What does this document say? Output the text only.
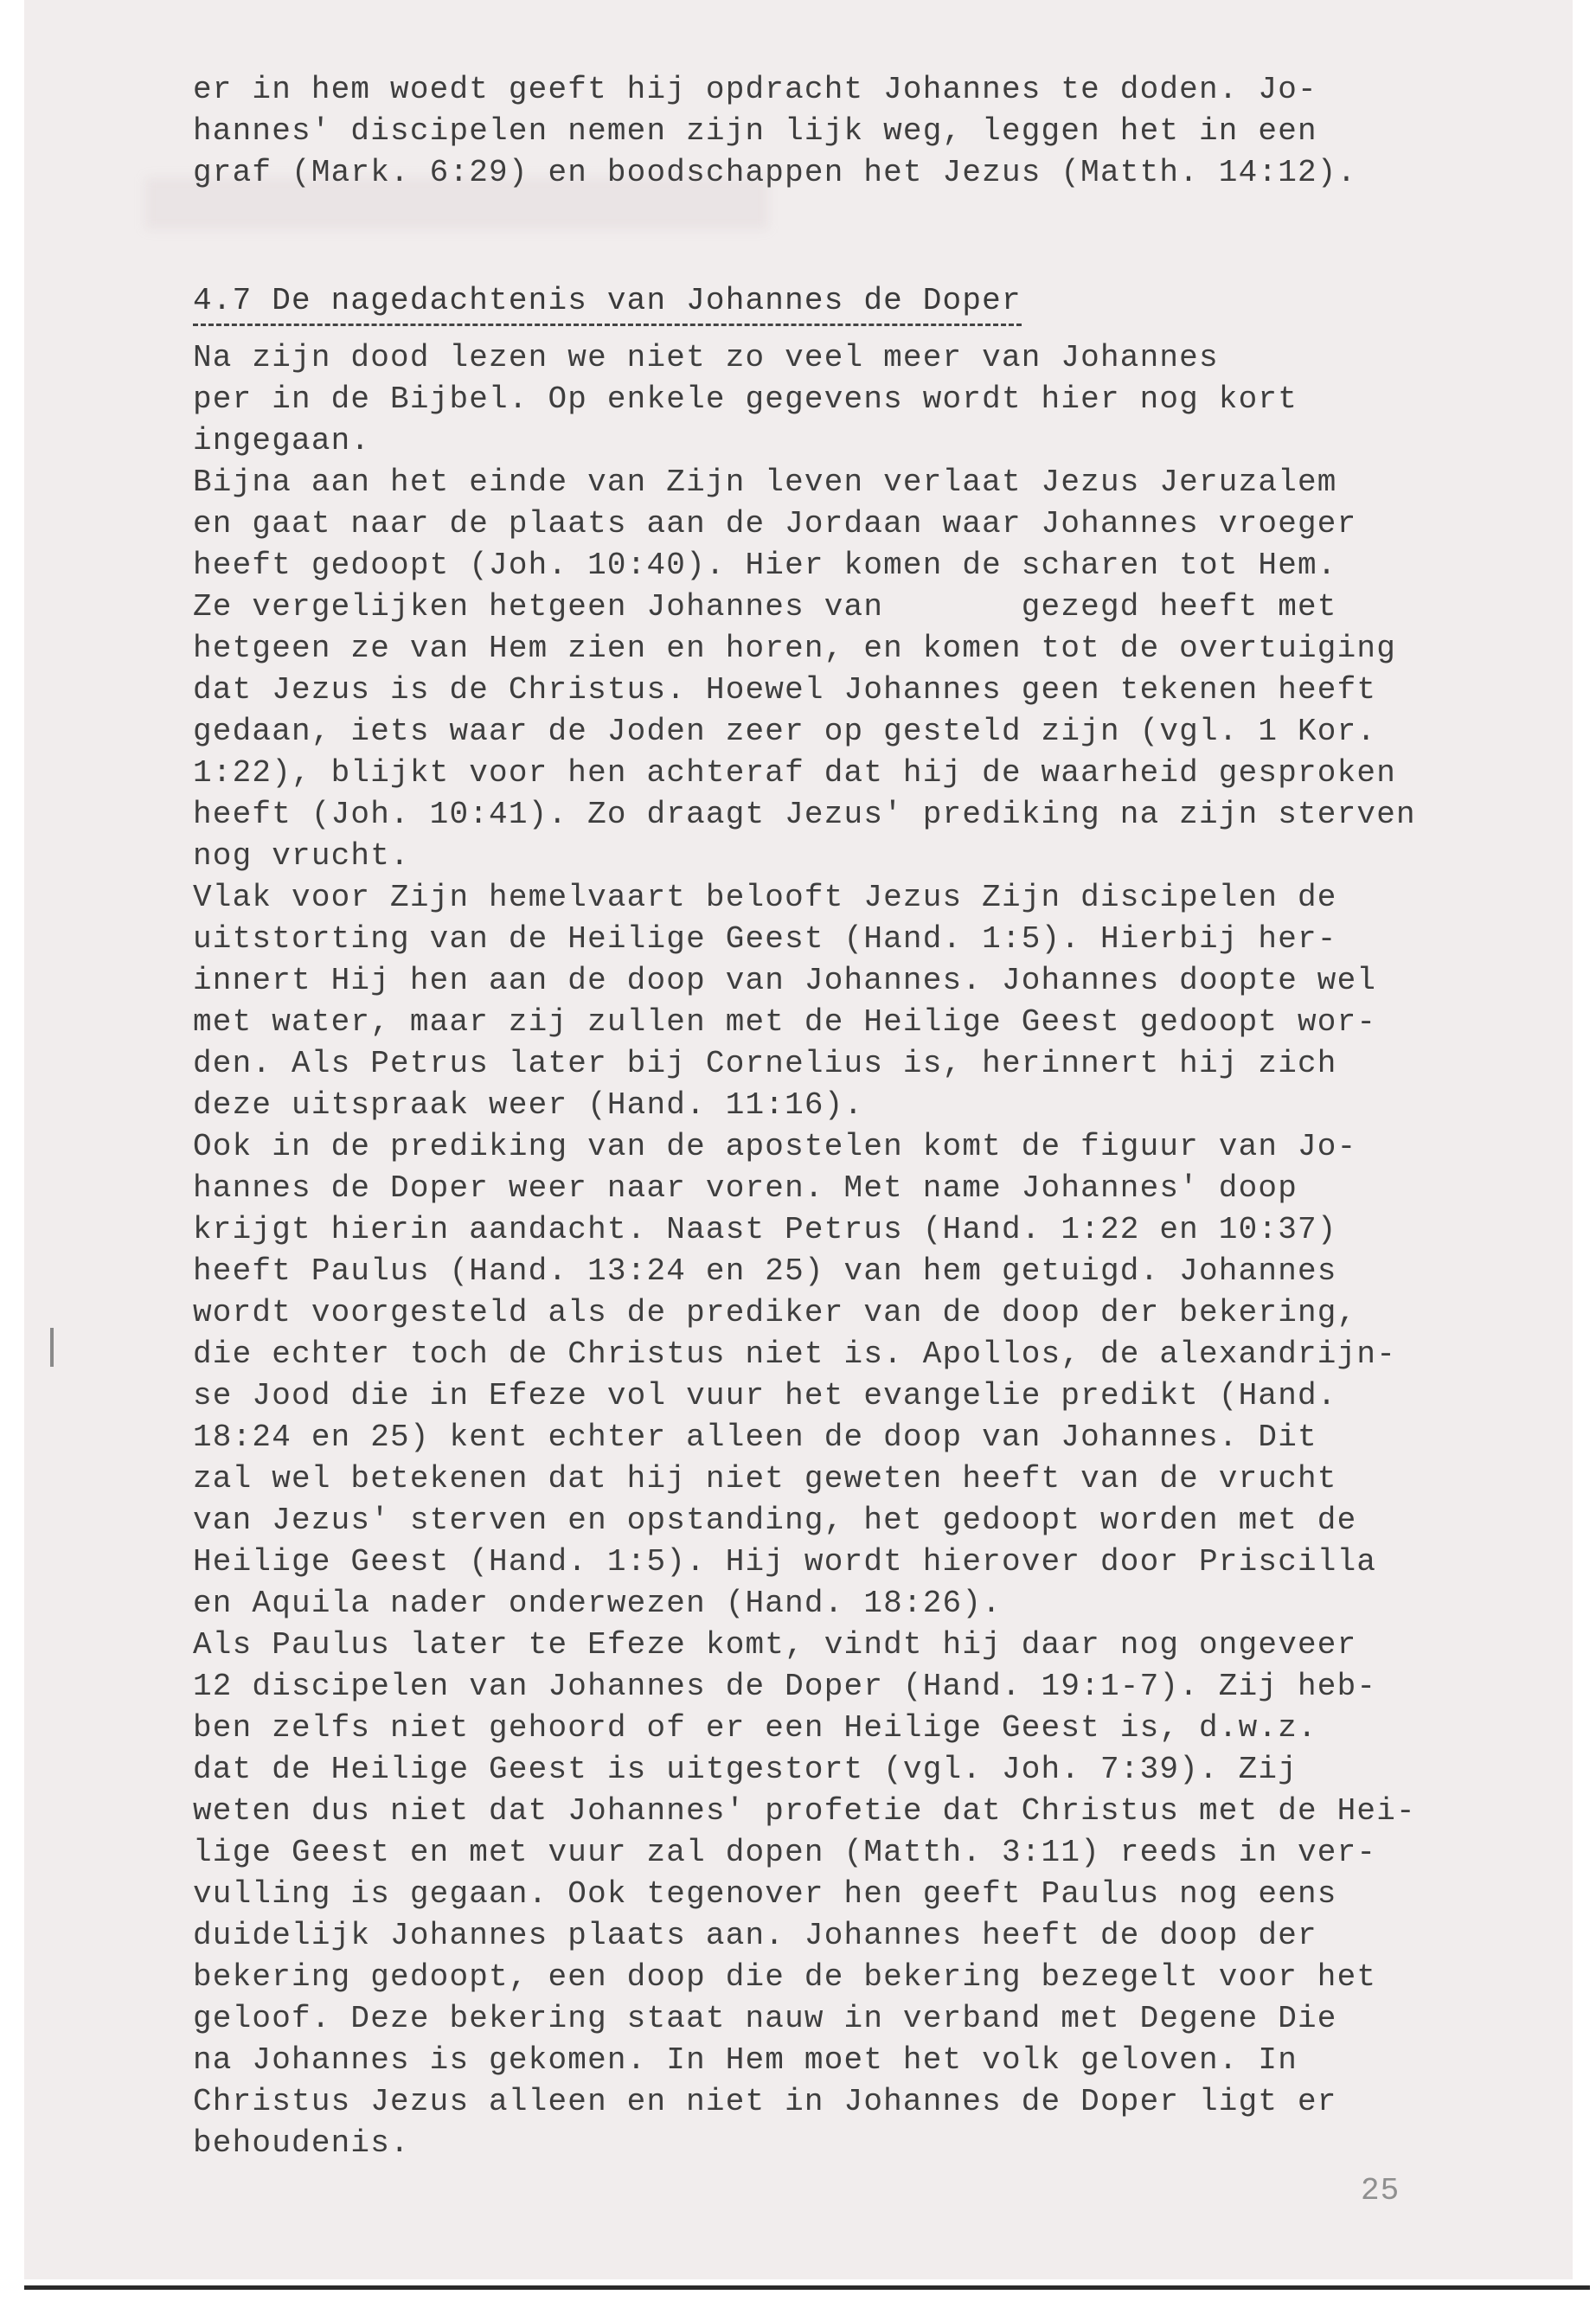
er in hem woedt geeft hij opdracht Johannes te doden. Jo-
hannes' discipelen nemen zijn lijk weg, leggen het in een
graf (Mark. 6:29) en boodschappen het Jezus (Matth. 14:12).
4.7 De nagedachtenis van Johannes de Doper
Na zijn dood lezen we niet zo veel meer van Johannes
per in de Bijbel. Op enkele gegevens wordt hier nog kort
ingegaan.
Bijna aan het einde van Zijn leven verlaat Jezus Jeruzalem
en gaat naar de plaats aan de Jordaan waar Johannes vroeger
heeft gedoopt (Joh. 10:40). Hier komen de scharen tot Hem.
Ze vergelijken hetgeen Johannes van       gezegd heeft met
hetgeen ze van Hem zien en horen, en komen tot de overtuiging
dat Jezus is de Christus. Hoewel Johannes geen tekenen heeft
gedaan, iets waar de Joden zeer op gesteld zijn (vgl. 1 Kor.
1:22), blijkt voor hen achteraf dat hij de waarheid gesproken
heeft (Joh. 10:41). Zo draagt Jezus' prediking na zijn sterven
nog vrucht.
Vlak voor Zijn hemelvaart belooft Jezus Zijn discipelen de
uitstorting van de Heilige Geest (Hand. 1:5). Hierbij her-
innert Hij hen aan de doop van Johannes. Johannes doopte wel
met water, maar zij zullen met de Heilige Geest gedoopt wor-
den. Als Petrus later bij Cornelius is, herinnert hij zich
deze uitspraak weer (Hand. 11:16).
Ook in de prediking van de apostelen komt de figuur van Jo-
hannes de Doper weer naar voren. Met name Johannes' doop
krijgt hierin aandacht. Naast Petrus (Hand. 1:22 en 10:37)
heeft Paulus (Hand. 13:24 en 25) van hem getuigd. Johannes
wordt voorgesteld als de prediker van de doop der bekering,
die echter toch de Christus niet is. Apollos, de alexandrijn-
se Jood die in Efeze vol vuur het evangelie predikt (Hand.
18:24 en 25) kent echter alleen de doop van Johannes. Dit
zal wel betekenen dat hij niet geweten heeft van de vrucht
van Jezus' sterven en opstanding, het gedoopt worden met de
Heilige Geest (Hand. 1:5). Hij wordt hierover door Priscilla
en Aquila nader onderwezen (Hand. 18:26).
Als Paulus later te Efeze komt, vindt hij daar nog ongeveer
12 discipelen van Johannes de Doper (Hand. 19:1-7). Zij heb-
ben zelfs niet gehoord of er een Heilige Geest is, d.w.z.
dat de Heilige Geest is uitgestort (vgl. Joh. 7:39). Zij
weten dus niet dat Johannes' profetie dat Christus met de Hei-
lige Geest en met vuur zal dopen (Matth. 3:11) reeds in ver-
vulling is gegaan. Ook tegenover hen geeft Paulus nog eens
duidelijk Johannes plaats aan. Johannes heeft de doop der
bekering gedoopt, een doop die de bekering bezegelt voor het
geloof. Deze bekering staat nauw in verband met Degene Die
na Johannes is gekomen. In Hem moet het volk geloven. In
Christus Jezus alleen en niet in Johannes de Doper ligt er
behoudenis.
25
